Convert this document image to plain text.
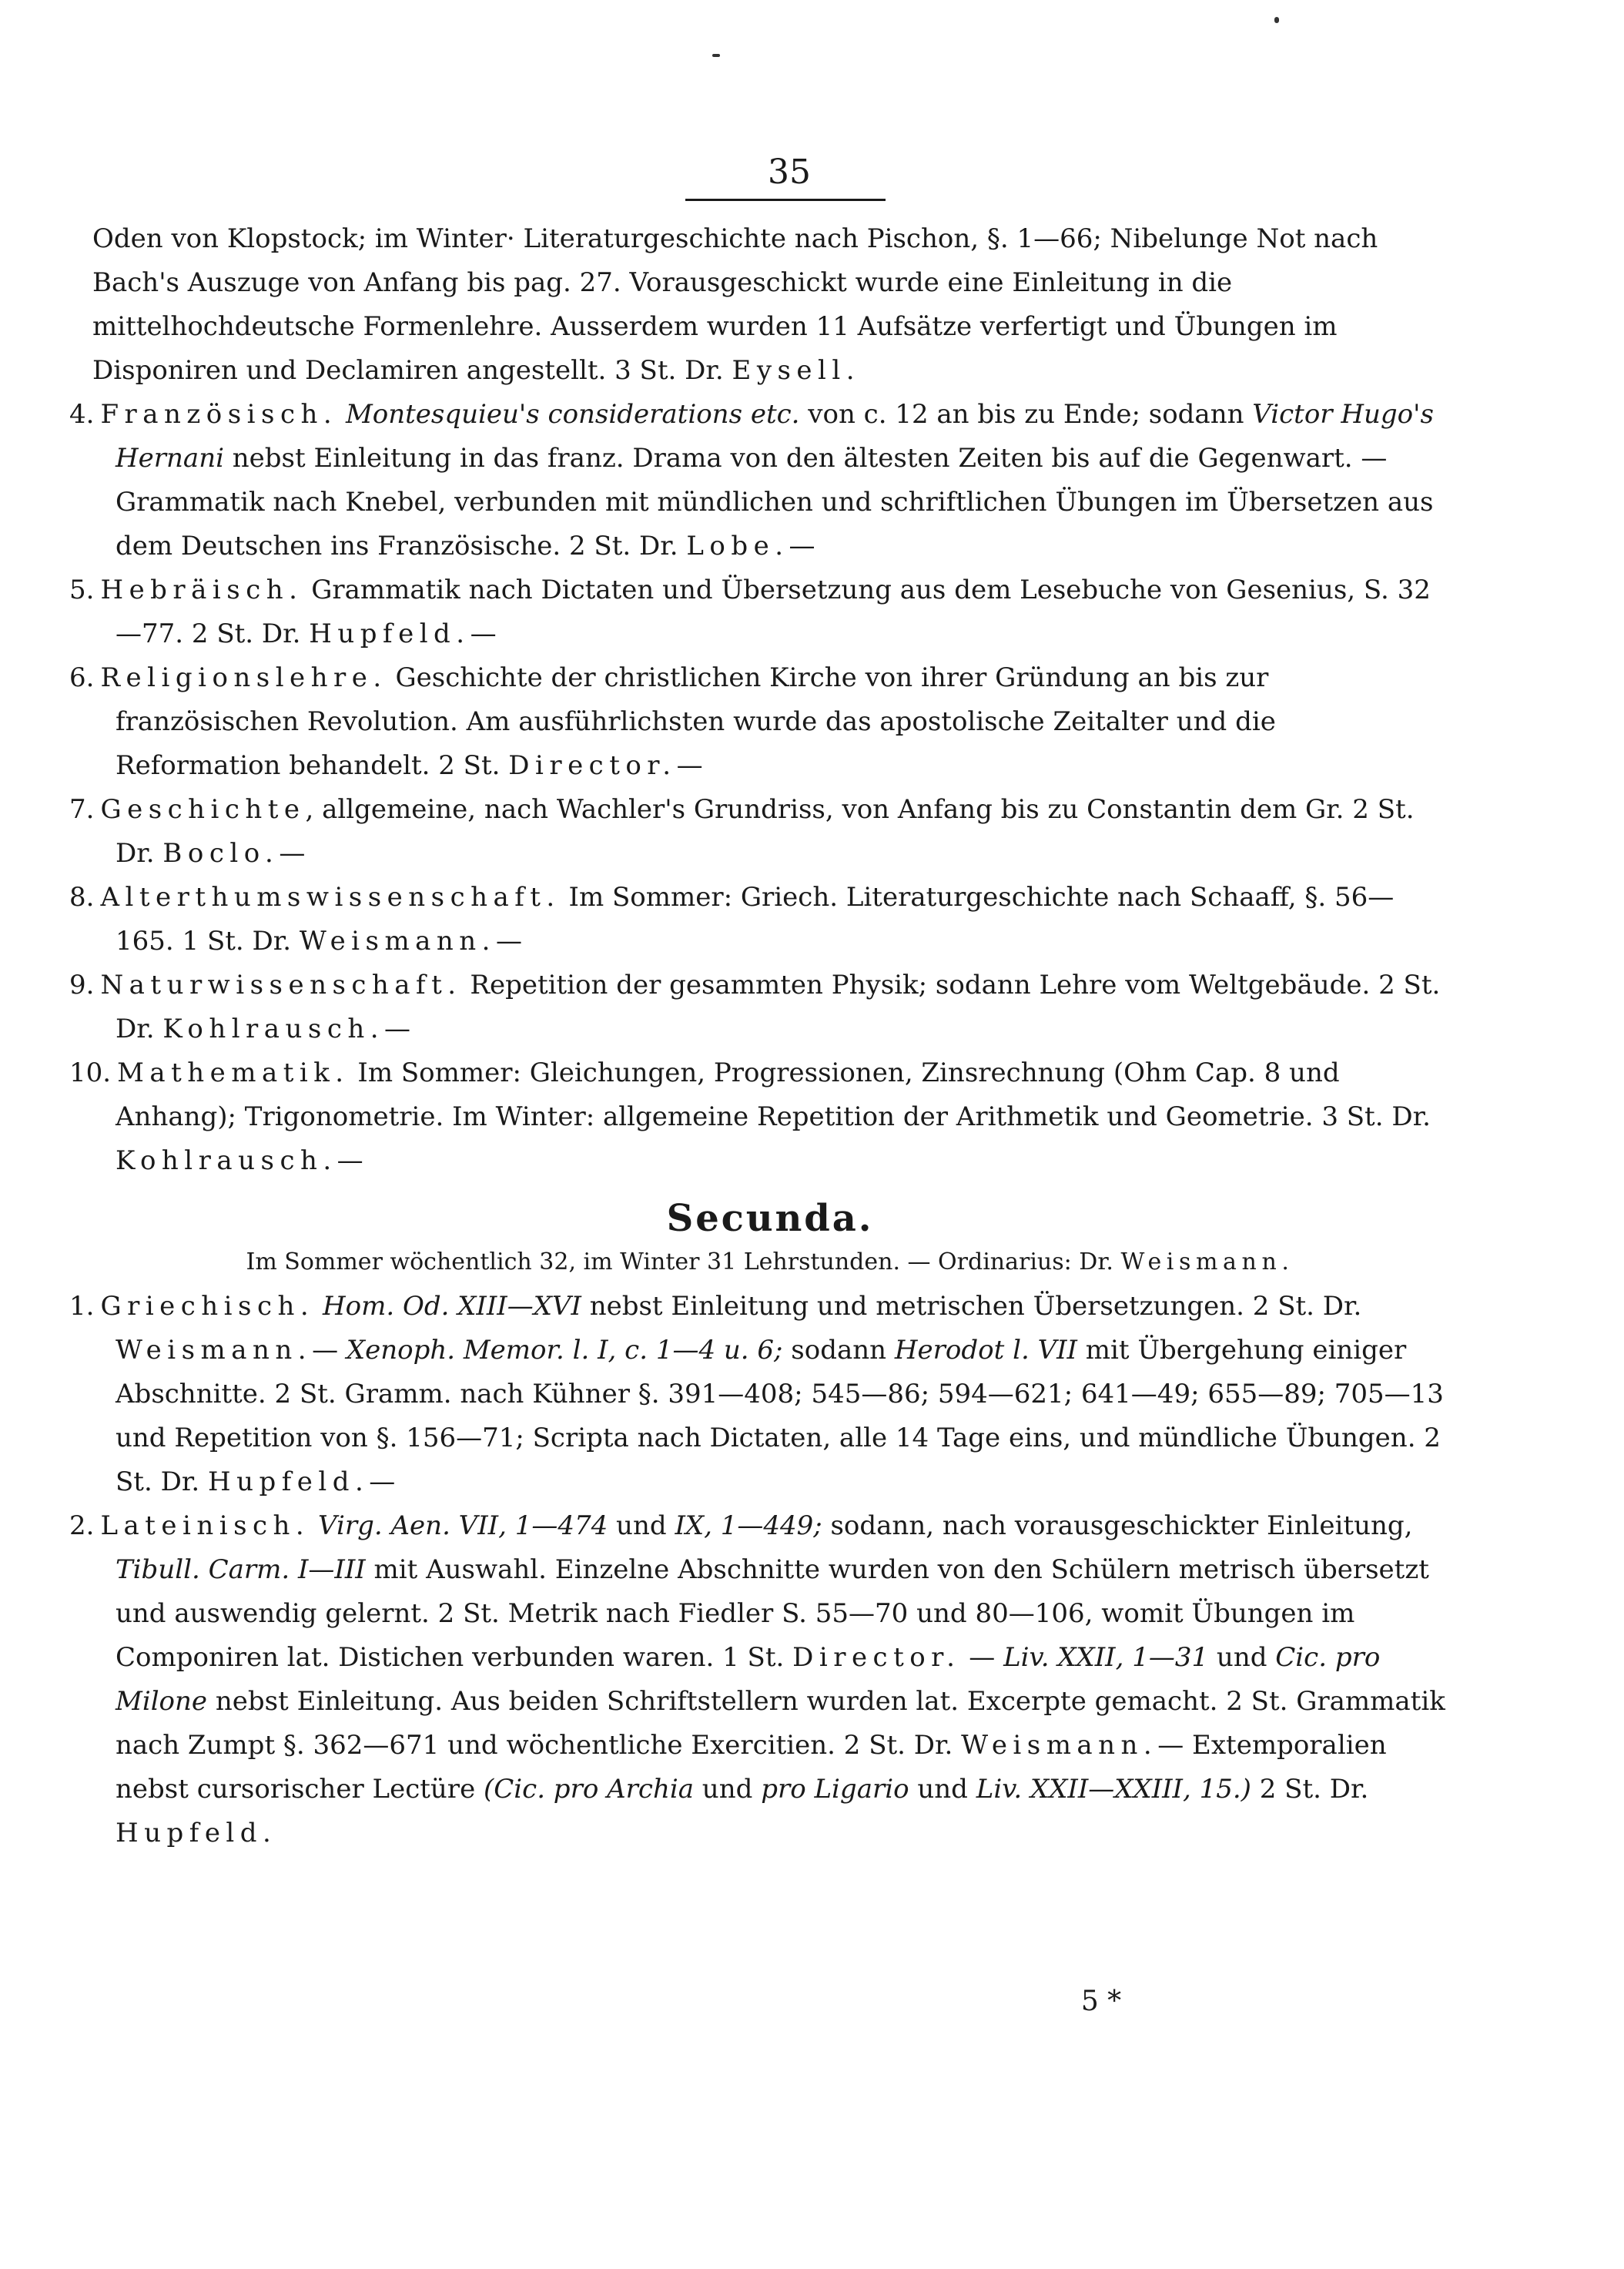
35

Oden von Klopstock; im Winter· Literaturgeschichte nach Pischon, §. 1—66; Nibelunge Not nach Bach's Auszuge von Anfang bis pag. 27. Vorausgeschickt wurde eine Einleitung in die mittelhochdeutsche Formenlehre. Ausserdem wurden 11 Aufsätze verfertigt und Übungen im Disponiren und Declamiren angestellt. 3 St. Dr. Eysell.

4. Französisch. Montesquieu's considerations etc. von c. 12 an bis zu Ende; sodann Victor Hugo's Hernani nebst Einleitung in das franz. Drama von den ältesten Zeiten bis auf die Gegenwart. — Grammatik nach Knebel, verbunden mit mündlichen und schriftlichen Übungen im Übersetzen aus dem Deutschen ins Französische. 2 St. Dr. Lobe.—

5. Hebräisch. Grammatik nach Dictaten und Übersetzung aus dem Lesebuche von Gesenius, S. 32—77. 2 St. Dr. Hupfeld.—

6. Religionslehre. Geschichte der christlichen Kirche von ihrer Gründung an bis zur französischen Revolution. Am ausführlichsten wurde das apostolische Zeitalter und die Reformation behandelt. 2 St. Director.—

7. Geschichte, allgemeine, nach Wachler's Grundriss, von Anfang bis zu Constantin dem Gr. 2 St. Dr. Boclo.—

8. Alterthumswissenschaft. Im Sommer: Griech. Literaturgeschichte nach Schaaff, §. 56—165. 1 St. Dr. Weismann.—

9. Naturwissenschaft. Repetition der gesammten Physik; sodann Lehre vom Weltgebäude. 2 St. Dr. Kohlrausch.—

10. Mathematik. Im Sommer: Gleichungen, Progressionen, Zinsrechnung (Ohm Cap. 8 und Anhang); Trigonometrie. Im Winter: allgemeine Repetition der Arithmetik und Geometrie. 3 St. Dr. Kohlrausch.—

Secunda.
Im Sommer wöchentlich 32, im Winter 31 Lehrstunden. — Ordinarius: Dr. Weismann.

1. Griechisch. Hom. Od. XIII—XVI nebst Einleitung und metrischen Übersetzungen. 2 St. Dr. Weismann.— Xenoph. Memor. l. I, c. 1—4 u. 6; sodann Herodot l. VII mit Übergehung einiger Abschnitte. 2 St. Gramm. nach Kühner §. 391—408; 545—86; 594—621; 641—49; 655—89; 705—13 und Repetition von §. 156—71; Scripta nach Dictaten, alle 14 Tage eins, und mündliche Übungen. 2 St. Dr. Hupfeld.—

2. Lateinisch. Virg. Aen. VII, 1—474 und IX, 1—449; sodann, nach vorausgeschickter Einleitung, Tibull. Carm. I—III mit Auswahl. Einzelne Abschnitte wurden von den Schülern metrisch übersetzt und auswendig gelernt. 2 St. Metrik nach Fiedler S. 55—70 und 80—106, womit Übungen im Componiren lat. Distichen verbunden waren. 1 St. Director. — Liv. XXII, 1—31 und Cic. pro Milone nebst Einleitung. Aus beiden Schriftstellern wurden lat. Excerpte gemacht. 2 St. Grammatik nach Zumpt §. 362—671 und wöchentliche Exercitien. 2 St. Dr. Weismann.— Extemporalien nebst cursorischer Lectüre (Cic. pro Archia und pro Ligario und Liv. XXII—XXIII, 15.) 2 St. Dr. Hupfeld.

5 *
